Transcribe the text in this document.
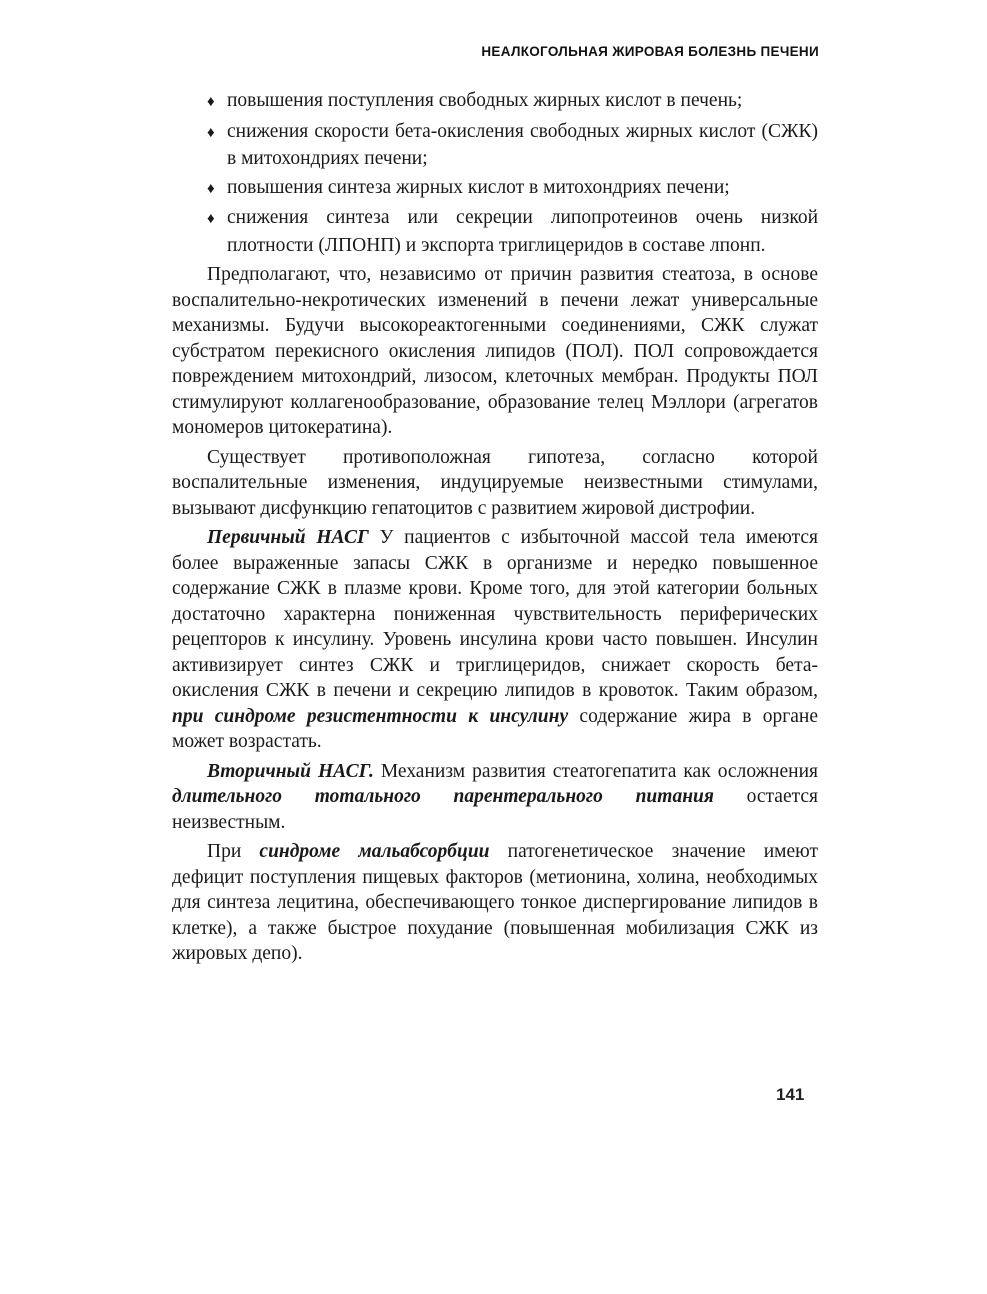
НЕАЛКОГОЛЬНАЯ ЖИРОВАЯ БОЛЕЗНЬ ПЕЧЕНИ
♦ повышения поступления свободных жирных кислот в печень;
♦ снижения скорости бета-окисления свободных жирных кислот (СЖК) в митохондриях печени;
♦ повышения синтеза жирных кислот в митохондриях печени;
♦ снижения синтеза или секреции липопротеинов очень низкой плотности (ЛПОНП) и экспорта триглицеридов в составе лпонп.

Предполагают, что, независимо от причин развития стеатоза, в основе воспалительно-некротических изменений в печени лежат универсальные механизмы. Будучи высокореактогенными соединениями, СЖК служат субстратом перекисного окисления липидов (ПОЛ). ПОЛ сопровождается повреждением митохондрий, лизосом, клеточных мембран. Продукты ПОЛ стимулируют коллагенообразование, образование телец Мэллори (агрегатов мономеров цитокератина).

Существует противоположная гипотеза, согласно которой воспалительные изменения, индуцируемые неизвестными стимулами, вызывают дисфункцию гепатоцитов с развитием жировой дистрофии.

Первичный НАСГ У пациентов с избыточной массой тела имеются более выраженные запасы СЖК в организме и нередко повышенное содержание СЖК в плазме крови. Кроме того, для этой категории больных достаточно характерна пониженная чувствительность периферических рецепторов к инсулину. Уровень инсулина крови часто повышен. Инсулин активизирует синтез СЖК и триглицеридов, снижает скорость бета-окисления СЖК в печени и секрецию липидов в кровоток. Таким образом, при синдроме резистентности к инсулину содержание жира в органе может возрастать.

Вторичный НАСГ. Механизм развития стеатогепатита как осложнения длительного тотального парентерального питания остается неизвестным.

При синдроме мальабсорбции патогенетическое значение имеют дефицит поступления пищевых факторов (метионина, холина, необходимых для синтеза лецитина, обеспечивающего тонкое диспергирование липидов в клетке), а также быстрое похудание (повышенная мобилизация СЖК из жировых депо).

141
